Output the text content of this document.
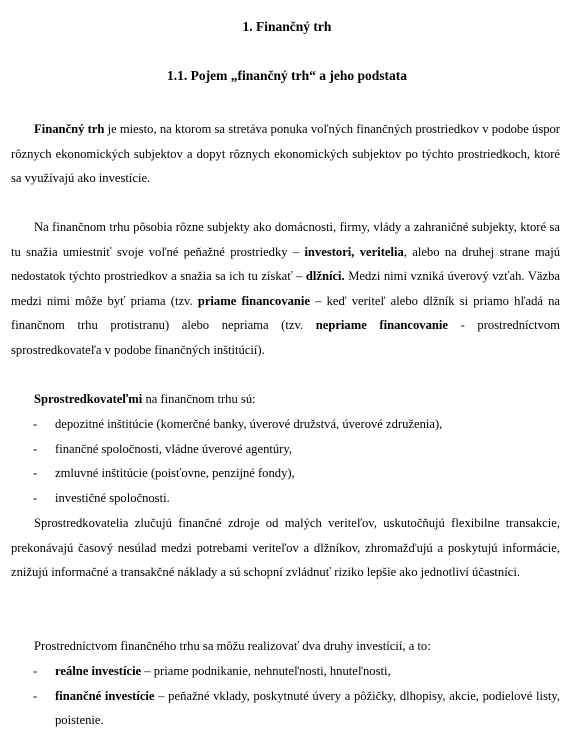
1. Finančný trh
1.1. Pojem „finančný trh“ a jeho podstata

Finančný trh je miesto, na ktorom sa stretáva ponuka voľných finančných prostriedkov v podobe úspor rôznych ekonomických subjektov a dopyt rôznych ekonomických subjektov po týchto prostriedkoch, ktoré sa využívajú ako investície.

Na finančnom trhu pôsobia rôzne subjekty ako domácnosti, firmy, vlády a zahraničné subjekty, ktoré sa tu snažia umiestniť svoje voľné peňažné prostriedky – investori, veritelia, alebo na druhej strane majú nedostatok týchto prostriedkov a snažia sa ich tu získať – dlžníci. Medzi nimi vzniká úverový vzťah. Väzba medzi nimi môže byť priama (tzv. priame financovanie – keď veriteľ alebo dlžník si priamo hľadá na finančnom trhu protistranu) alebo nepriama (tzv. nepriame financovanie - prostredníctvom sprostredkovateľa v podobe finančných inštitúcií).

Sprostredkovateľmi na finančnom trhu sú:
- depozitné inštitúcie (komerčné banky, úverové družstvá, úverové združenia),
- finančné spoločnosti, vládne úverové agentúry,
- zmluvné inštitúcie (poisťovne, penzijné fondy),
- investičné spoločnosti.

Sprostredkovatelia zlučujú finančné zdroje od malých veriteľov, uskutočňujú flexibilne transakcie, prekonávajú časový nesúlad medzi potrebami veriteľov a dlžníkov, zhromažďujú a poskytujú informácie, znižujú informačné a transakčné náklady a sú schopní zvládnuť riziko lepšie ako jednotliví účastníci.

Prostredníctvom finančného trhu sa môžu realizovať dva druhy investícií, a to:

- reálne investície – priame podnikanie, nehnuteľnosti, hnuteľnosti,
- finančné investície – peňažné vklady, poskytnuté úvery a pôžičky, dlhopisy, akcie, podielové listy, poistenie.
